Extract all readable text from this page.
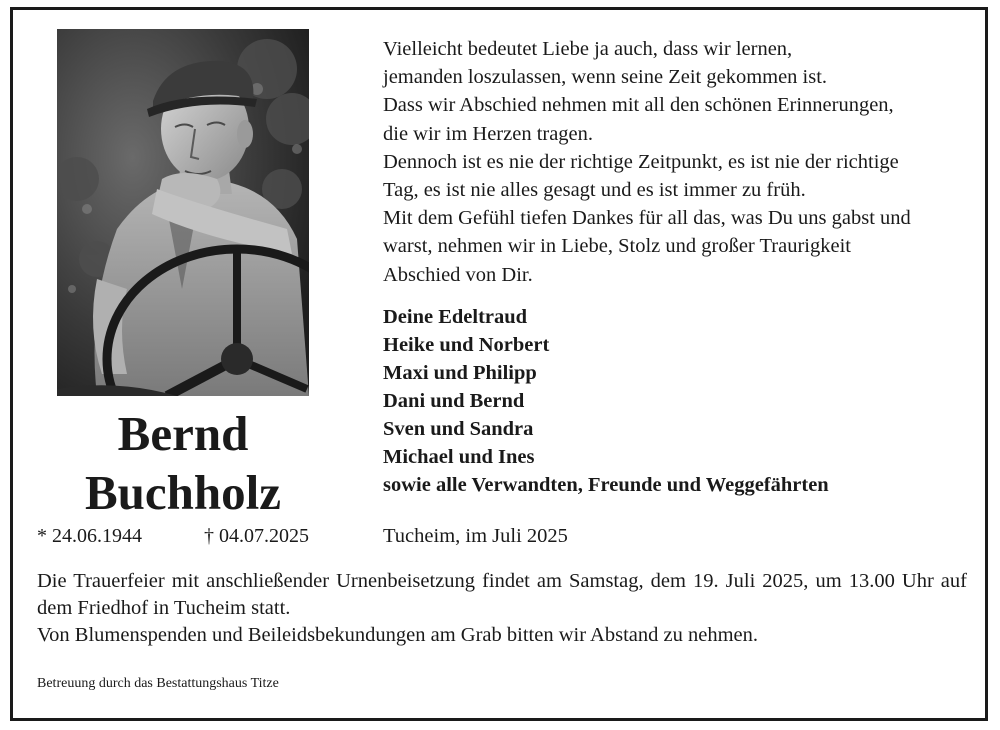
Bernd
Buchholz
* 24.06.1944	† 04.07.2025
Vielleicht bedeutet Liebe ja auch, dass wir lernen,
jemanden loszulassen, wenn seine Zeit gekommen ist.
Dass wir Abschied nehmen mit all den schönen Erinnerungen,
die wir im Herzen tragen.
Dennoch ist es nie der richtige Zeitpunkt, es ist nie der richtige
Tag, es ist nie alles gesagt und es ist immer zu früh.
Mit dem Gefühl tiefen Dankes für all das, was Du uns gabst und
warst, nehmen wir in Liebe, Stolz und großer Traurigkeit
Abschied von Dir.
Deine Edeltraud
Heike und Norbert
Maxi und Philipp
Dani und Bernd
Sven und Sandra
Michael und Ines
sowie alle Verwandten, Freunde und Weggefährten
Tucheim, im Juli 2025

Die Trauerfeier mit anschließender Urnenbeisetzung findet am Samstag, dem 19. Juli 2025, um 13.00 Uhr auf dem Friedhof in Tucheim statt.

Von Blumenspenden und Beileidsbekundungen am Grab bitten wir Abstand zu nehmen.

Betreuung durch das Bestattungshaus Titze
